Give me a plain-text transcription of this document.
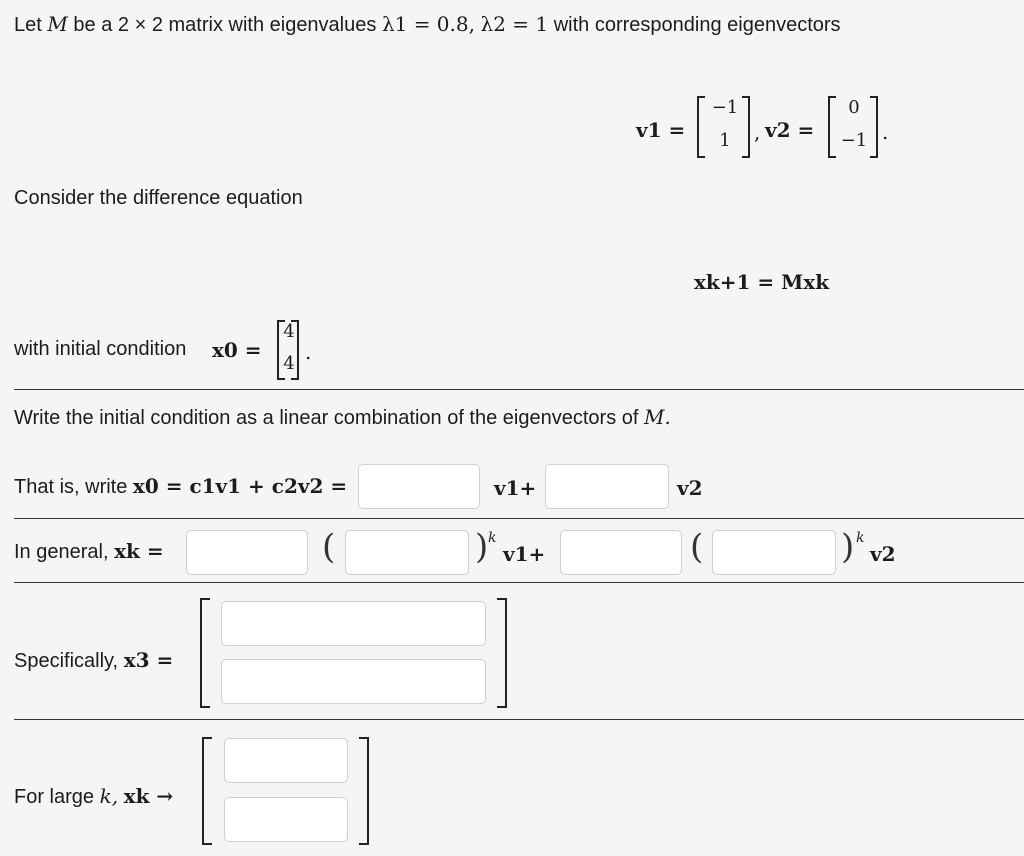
Let M be a 2 × 2 matrix with eigenvalues λ1 = 0.8, λ2 = 1 with corresponding eigenvectors
v1 =
−1
1	, v2 =
0
−1 .
Consider the difference equation
xk+1 = Mxk
with initial condition x0 =
4
4 .
Write the initial condition as a linear combination of the eigenvectors of M.
That is, write x0 = c1v1 + c2v2 =	v1+	v2
In general, xk =	(	) k
v1+	(	) k
v2
Specifically, x3 =
For large k, xk →
